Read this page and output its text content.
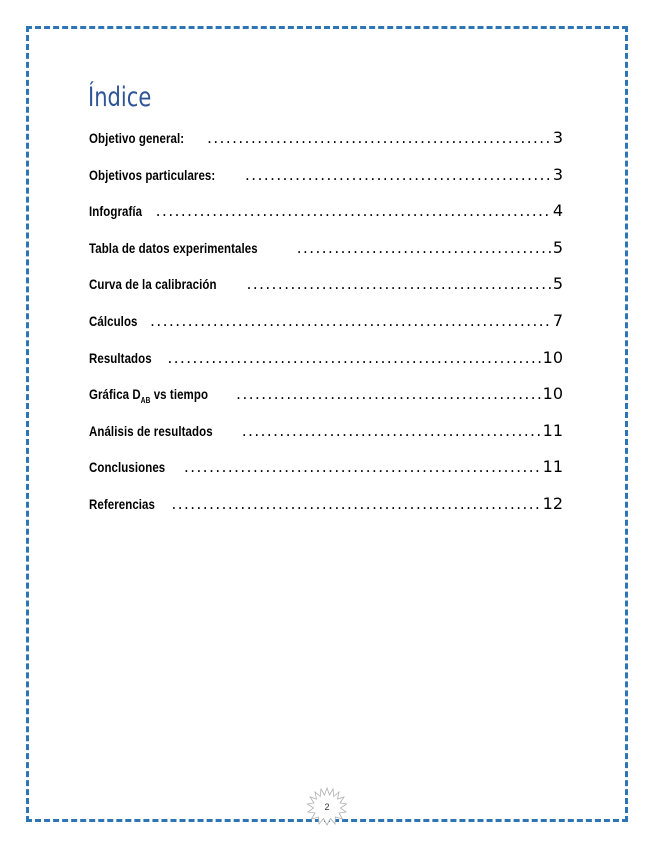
Índice
Objetivo general: .....	3
Objetivos particulares: .....	3
Infografía .....	4
Tabla de datos experimentales .....	5
Curva de la calibración .....	5
Cálculos .....	7
Resultados .....	10
Gráfica $D_{AB}$ vs tiempo .....	10
Análisis de resultados .....	11
Conclusiones .....	11
Referencias .....	12
2
